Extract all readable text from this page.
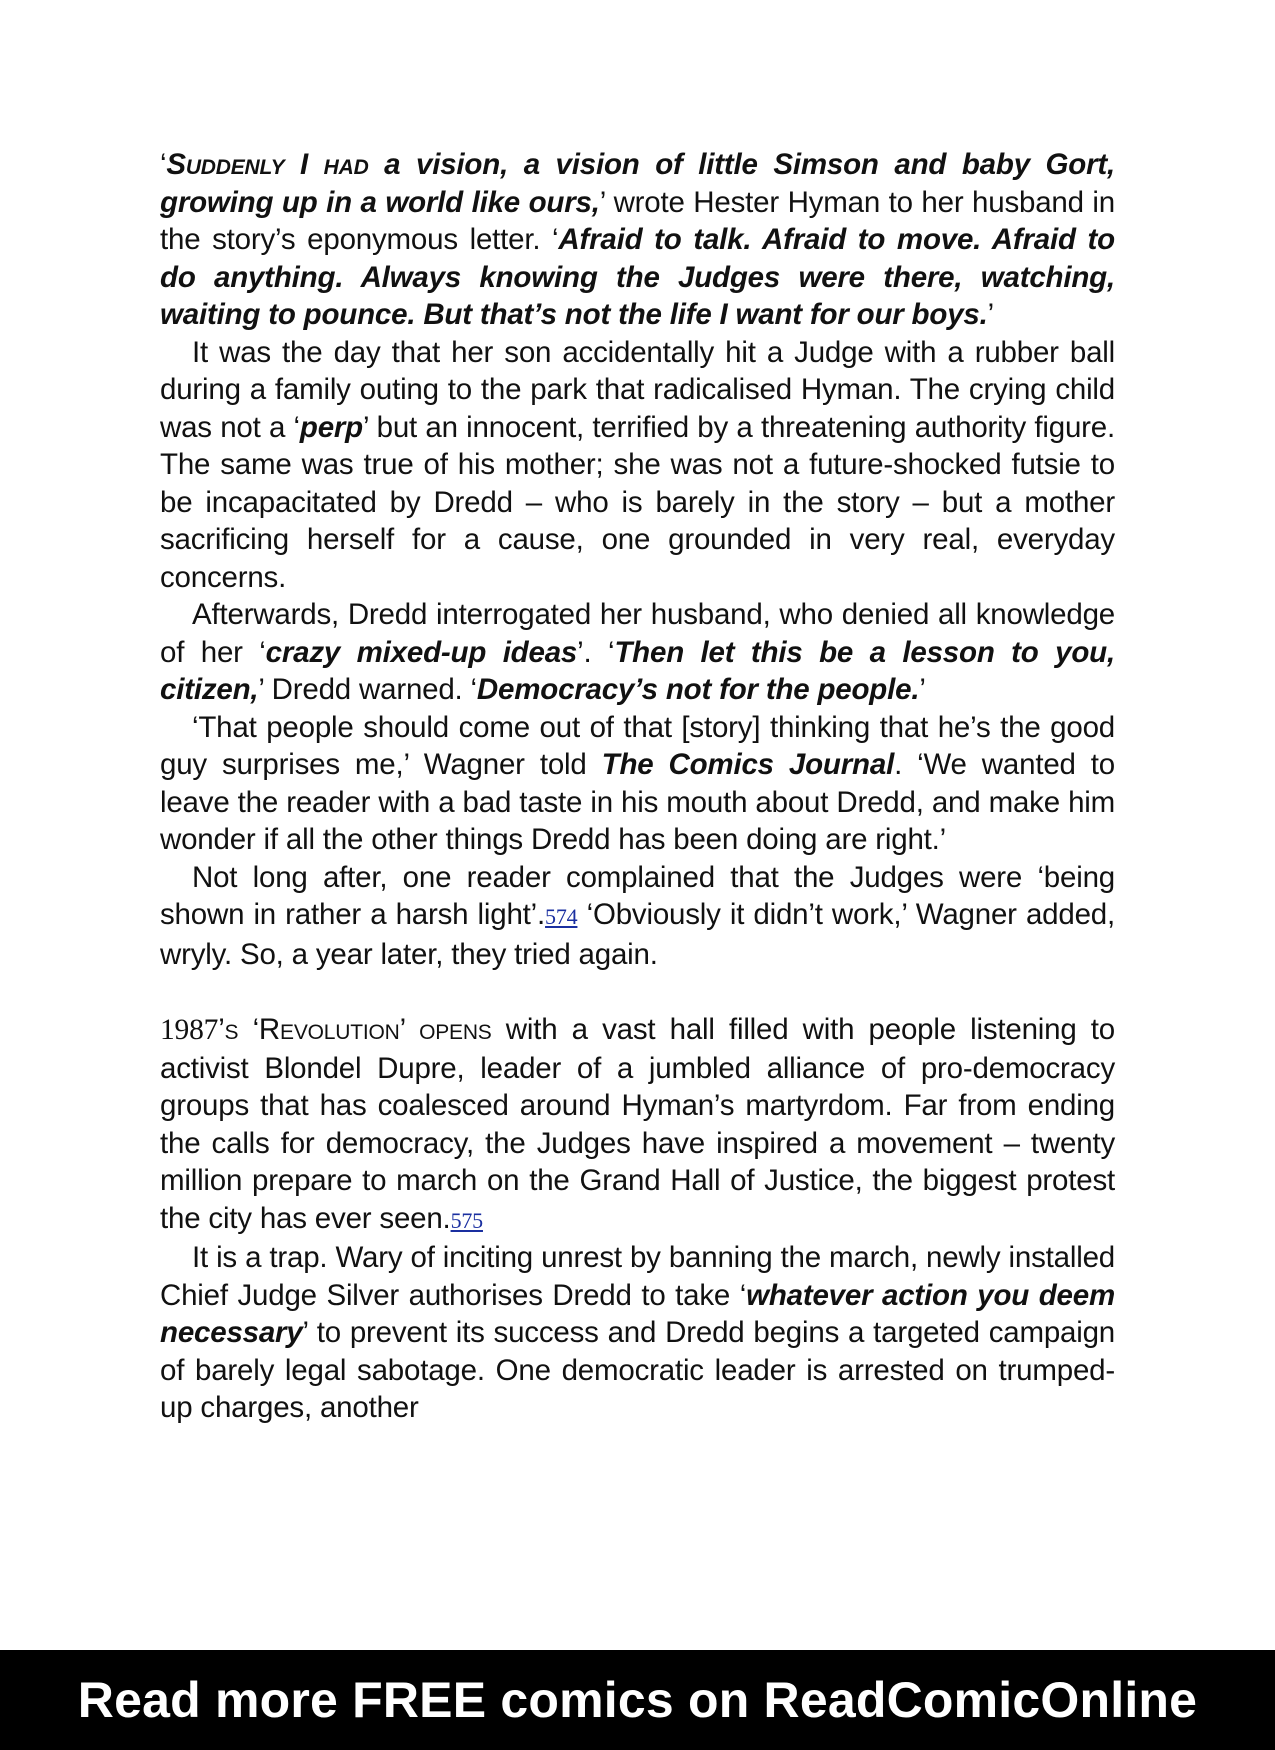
‘Suddenly I had a vision, a vision of little Simson and baby Gort, growing up in a world like ours,’ wrote Hester Hyman to her husband in the story’s eponymous letter. ‘Afraid to talk. Afraid to move. Afraid to do anything. Always knowing the Judges were there, watching, waiting to pounce. But that’s not the life I want for our boys.’

It was the day that her son accidentally hit a Judge with a rubber ball during a family outing to the park that radicalised Hyman. The crying child was not a ‘perp’ but an innocent, terrified by a threatening authority figure. The same was true of his mother; she was not a future-shocked futsie to be incapacitated by Dredd – who is barely in the story – but a mother sacrificing herself for a cause, one grounded in very real, everyday concerns.

Afterwards, Dredd interrogated her husband, who denied all knowledge of her ‘crazy mixed-up ideas’. ‘Then let this be a lesson to you, citizen,’ Dredd warned. ‘Democracy’s not for the people.’

‘That people should come out of that [story] thinking that he’s the good guy surprises me,’ Wagner told The Comics Journal. ‘We wanted to leave the reader with a bad taste in his mouth about Dredd, and make him wonder if all the other things Dredd has been doing are right.’

Not long after, one reader complained that the Judges were ‘being shown in rather a harsh light’.574 ‘Obviously it didn’t work,’ Wagner added, wryly. So, a year later, they tried again.

1987’s ‘Revolution’ opens with a vast hall filled with people listening to activist Blondel Dupre, leader of a jumbled alliance of pro-democracy groups that has coalesced around Hyman’s martyrdom. Far from ending the calls for democracy, the Judges have inspired a movement – twenty million prepare to march on the Grand Hall of Justice, the biggest protest the city has ever seen.575

It is a trap. Wary of inciting unrest by banning the march, newly installed Chief Judge Silver authorises Dredd to take ‘whatever action you deem necessary’ to prevent its success and Dredd begins a targeted campaign of barely legal sabotage. One democratic leader is arrested on trumped-up charges, another

Read more FREE comics on ReadComicOnline
